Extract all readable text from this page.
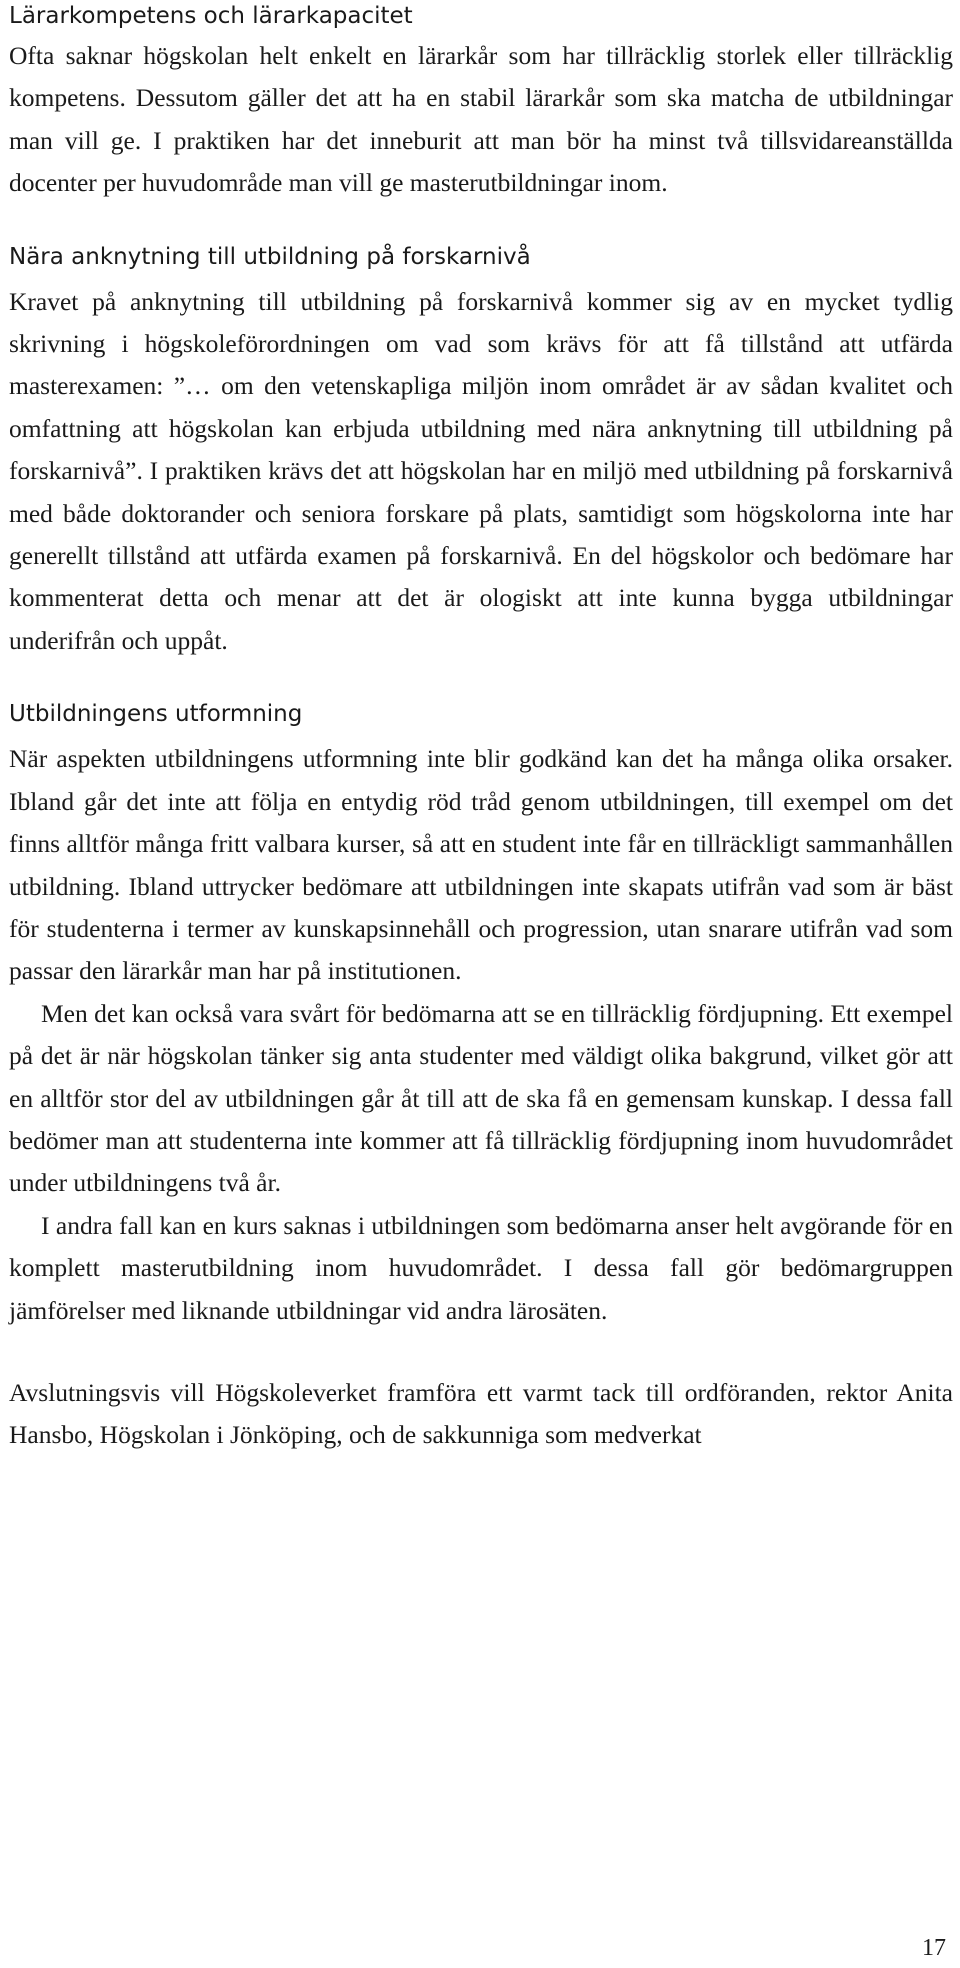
Lärarkompetens och lärarkapacitet

Ofta saknar högskolan helt enkelt en lärarkår som har tillräcklig storlek eller tillräcklig kompetens. Dessutom gäller det att ha en stabil lärarkår som ska matcha de utbildningar man vill ge. I praktiken har det inneburit att man bör ha minst två tillsvidareanställda docenter per huvudområde man vill ge masterutbildningar inom.

Nära anknytning till utbildning på forskarnivå

Kravet på anknytning till utbildning på forskarnivå kommer sig av en mycket tydlig skrivning i högskoleförordningen om vad som krävs för att få tillstånd att utfärda masterexamen: ”… om den vetenskapliga miljön inom området är av sådan kvalitet och omfattning att högskolan kan erbjuda utbildning med nära anknytning till utbildning på forskarnivå”. I praktiken krävs det att högskolan har en miljö med utbildning på forskarnivå med både doktorander och seniora forskare på plats, samtidigt som högskolorna inte har generellt tillstånd att utfärda examen på forskarnivå. En del högskolor och bedömare har kommenterat detta och menar att det är ologiskt att inte kunna bygga utbildningar underifrån och uppåt.

Utbildningens utformning

När aspekten utbildningens utformning inte blir godkänd kan det ha många olika orsaker. Ibland går det inte att följa en entydig röd tråd genom utbildningen, till exempel om det finns alltför många fritt valbara kurser, så att en student inte får en tillräckligt sammanhållen utbildning. Ibland uttrycker bedömare att utbildningen inte skapats utifrån vad som är bäst för studenterna i termer av kunskapsinnehåll och progression, utan snarare utifrån vad som passar den lärarkår man har på institutionen.

Men det kan också vara svårt för bedömarna att se en tillräcklig fördjupning. Ett exempel på det är när högskolan tänker sig anta studenter med väldigt olika bakgrund, vilket gör att en alltför stor del av utbildningen går åt till att de ska få en gemensam kunskap. I dessa fall bedömer man att studenterna inte kommer att få tillräcklig fördjupning inom huvudområdet under utbildningens två år.

I andra fall kan en kurs saknas i utbildningen som bedömarna anser helt avgörande för en komplett masterutbildning inom huvudområdet. I dessa fall gör bedömargruppen jämförelser med liknande utbildningar vid andra lärosäten.

Avslutningsvis vill Högskoleverket framföra ett varmt tack till ordföranden, rektor Anita Hansbo, Högskolan i Jönköping, och de sakkunniga som medverkat

17
